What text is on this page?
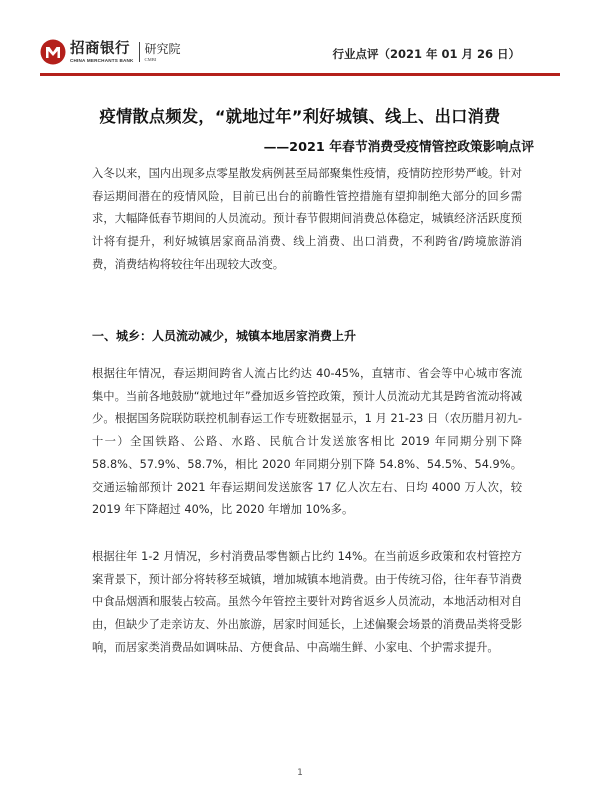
招商银行
CHINA MERCHANTS BANK
研究院
CMBI	行业点评（2021 年 01 月 26 日）
疫情散点频发，“就地过年”利好城镇、线上、出口消费
——2021 年春节消费受疫情管控政策影响点评

入冬以来，国内出现多点零星散发病例甚至局部聚集性疫情，疫情防控形势严峻。针对春运期间潜在的疫情风险，目前已出台的前瞻性管控措施有望抑制绝大部分的回乡需求，大幅降低春节期间的人员流动。预计春节假期间消费总体稳定，城镇经济活跃度预计将有提升，利好城镇居家商品消费、线上消费、出口消费，不利跨省/跨境旅游消费，消费结构将较往年出现较大改变。

一、城乡：人员流动减少，城镇本地居家消费上升

根据往年情况，春运期间跨省人流占比约达 40-45%，直辖市、省会等中心城市客流集中。当前各地鼓励“就地过年”叠加返乡管控政策，预计人员流动尤其是跨省流动将减少。根据国务院联防联控机制春运工作专班数据显示，1 月 21-23 日（农历腊月初九-十一）全国铁路、公路、水路、民航合计发送旅客相比 2019 年同期分别下降 58.8%、57.9%、58.7%，相比 2020 年同期分别下降 54.8%、54.5%、54.9%。交通运输部预计 2021 年春运期间发送旅客 17 亿人次左右、日均 4000 万人次，较 2019 年下降超过 40%，比 2020 年增加 10%多。

根据往年 1-2 月情况，乡村消费品零售额占比约 14%。在当前返乡政策和农村管控方案背景下，预计部分将转移至城镇，增加城镇本地消费。由于传统习俗，往年春节消费中食品烟酒和服装占较高。虽然今年管控主要针对跨省返乡人员流动，本地活动相对自由，但缺少了走亲访友、外出旅游，居家时间延长，上述偏聚会场景的消费品类将受影响，而居家类消费品如调味品、方便食品、中高端生鲜、小家电、个护需求提升。

1
